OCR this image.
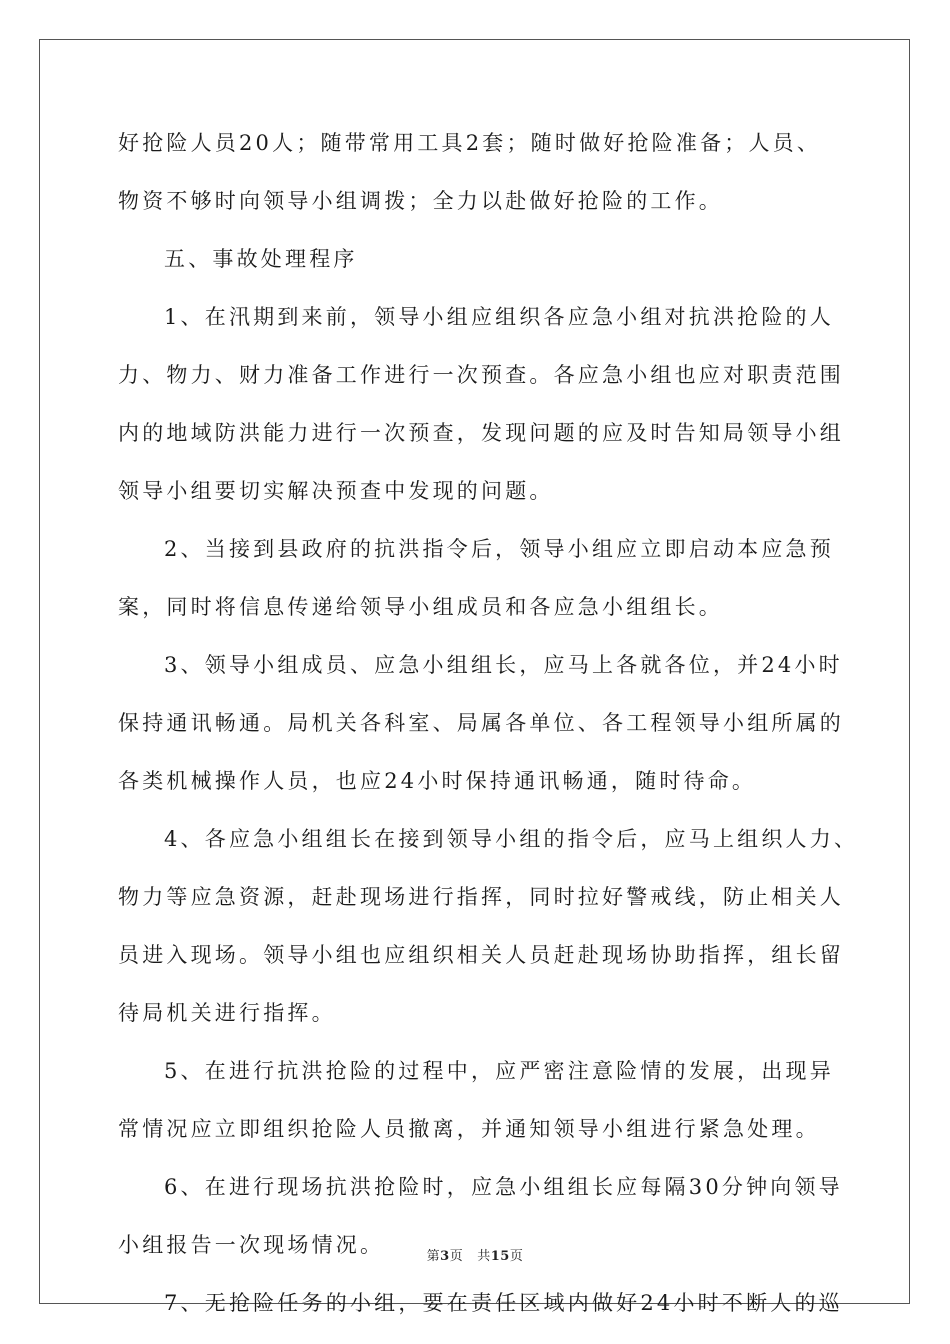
好抢险人员20人；随带常用工具2套；随时做好抢险准备；人员、
物资不够时向领导小组调拨；全力以赴做好抢险的工作。
五、事故处理程序
1、在汛期到来前，领导小组应组织各应急小组对抗洪抢险的人
力、物力、财力准备工作进行一次预查。各应急小组也应对职责范围
内的地域防洪能力进行一次预查，发现问题的应及时告知局领导小组
领导小组要切实解决预查中发现的问题。
2、当接到县政府的抗洪指令后，领导小组应立即启动本应急预
案，同时将信息传递给领导小组成员和各应急小组组长。
3、领导小组成员、应急小组组长，应马上各就各位，并24小时
保持通讯畅通。局机关各科室、局属各单位、各工程领导小组所属的
各类机械操作人员，也应24小时保持通讯畅通，随时待命。
4、各应急小组组长在接到领导小组的指令后，应马上组织人力、
物力等应急资源，赶赴现场进行指挥，同时拉好警戒线，防止相关人
员进入现场。领导小组也应组织相关人员赶赴现场协助指挥，组长留
待局机关进行指挥。
5、在进行抗洪抢险的过程中，应严密注意险情的发展，出现异
常情况应立即组织抢险人员撤离，并通知领导小组进行紧急处理。
6、在进行现场抗洪抢险时，应急小组组长应每隔30分钟向领导
小组报告一次现场情况。
7、无抢险任务的小组，要在责任区域内做好24小时不断人的巡
第3页 共15页
